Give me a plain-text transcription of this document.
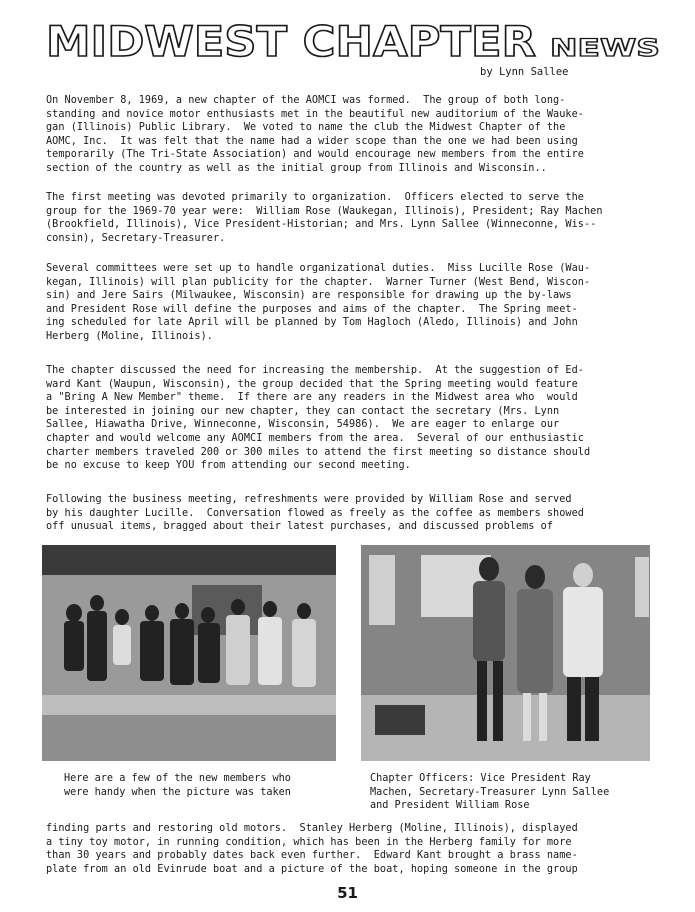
MIDWEST CHAPTER NEWS
by Lynn Sallee

On November 8, 1969, a new chapter of the AOMCI was formed.  The group of both long-
standing and novice motor enthusiasts met in the beautiful new auditorium of the Wauke-
gan (Illinois) Public Library.  We voted to name the club the Midwest Chapter of the
AOMC, Inc.  It was felt that the name had a wider scope than the one we had been using
temporarily (The Tri-State Association) and would encourage new members from the entire
section of the country as well as the initial group from Illinois and Wisconsin..

The first meeting was devoted primarily to organization.  Officers elected to serve the
group for the 1969-70 year were:  William Rose (Waukegan, Illinois), President; Ray Machen
(Brookfield, Illinois), Vice President-Historian; and Mrs. Lynn Sallee (Winneconne, Wis--
consin), Secretary-Treasurer.

Several committees were set up to handle organizational duties.  Miss Lucille Rose (Wau-
kegan, Illinois) will plan publicity for the chapter.  Warner Turner (West Bend, Wiscon-
sin) and Jere Sairs (Milwaukee, Wisconsin) are responsible for drawing up the by-laws
and President Rose will define the purposes and aims of the chapter.  The Spring meet-
ing scheduled for late April will be planned by Tom Hagloch (Aledo, Illinois) and John
Herberg (Moline, Illinois).

The chapter discussed the need for increasing the membership.  At the suggestion of Ed-
ward Kant (Waupun, Wisconsin), the group decided that the Spring meeting would feature
a "Bring A New Member" theme.  If there are any readers in the Midwest area who  would
be interested in joining our new chapter, they can contact the secretary (Mrs. Lynn
Sallee, Hiawatha Drive, Winneconne, Wisconsin, 54986).  We are eager to enlarge our
chapter and would welcome any AOMCI members from the area.  Several of our enthusiastic
charter members traveled 200 or 300 miles to attend the first meeting so distance should
be no excuse to keep YOU from attending our second meeting.

Following the business meeting, refreshments were provided by William Rose and served
by his daughter Lucille.  Conversation flowed as freely as the coffee as members showed
off unusual items, bragged about their latest purchases, and discussed problems of

Here are a few of the new members who
were handy when the picture was taken

Chapter Officers: Vice President Ray
Machen, Secretary-Treasurer Lynn Sallee
and President William Rose

finding parts and restoring old motors.  Stanley Herberg (Moline, Illinois), displayed
a tiny toy motor, in running condition, which has been in the Herberg family for more
than 30 years and probably dates back even further.  Edward Kant brought a brass name-
plate from an old Evinrude boat and a picture of the boat, hoping someone in the group

51
